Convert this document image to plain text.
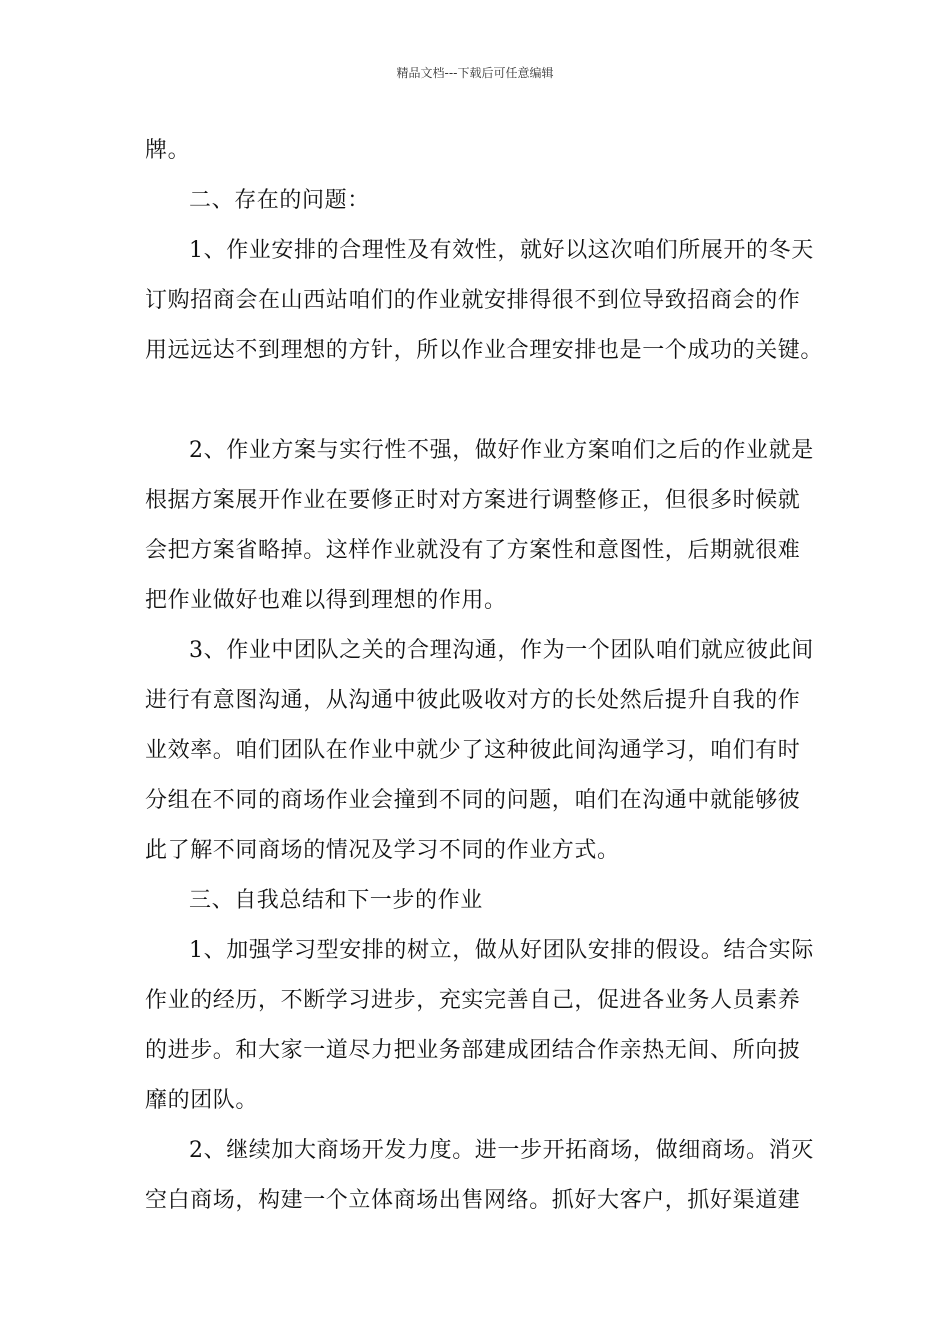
精品文档---下载后可任意编辑

牌。

二、存在的问题：

1、作业安排的合理性及有效性，就好以这次咱们所展开的冬天

订购招商会在山西站咱们的作业就安排得很不到位导致招商会的作

用远远达不到理想的方针，所以作业合理安排也是一个成功的关键。

2、作业方案与实行性不强，做好作业方案咱们之后的作业就是

根据方案展开作业在要修正时对方案进行调整修正，但很多时候就

会把方案省略掉。这样作业就没有了方案性和意图性，后期就很难

把作业做好也难以得到理想的作用。

3、作业中团队之关的合理沟通，作为一个团队咱们就应彼此间

进行有意图沟通，从沟通中彼此吸收对方的长处然后提升自我的作

业效率。咱们团队在作业中就少了这种彼此间沟通学习，咱们有时

分组在不同的商场作业会撞到不同的问题，咱们在沟通中就能够彼

此了解不同商场的情况及学习不同的作业方式。

三、自我总结和下一步的作业

1、加强学习型安排的树立，做从好团队安排的假设。结合实际

作业的经历，不断学习进步，充实完善自己，促进各业务人员素养

的进步。和大家一道尽力把业务部建成团结合作亲热无间、所向披

靡的团队。

2、继续加大商场开发力度。进一步开拓商场，做细商场。消灭

空白商场，构建一个立体商场出售网络。抓好大客户，抓好渠道建
